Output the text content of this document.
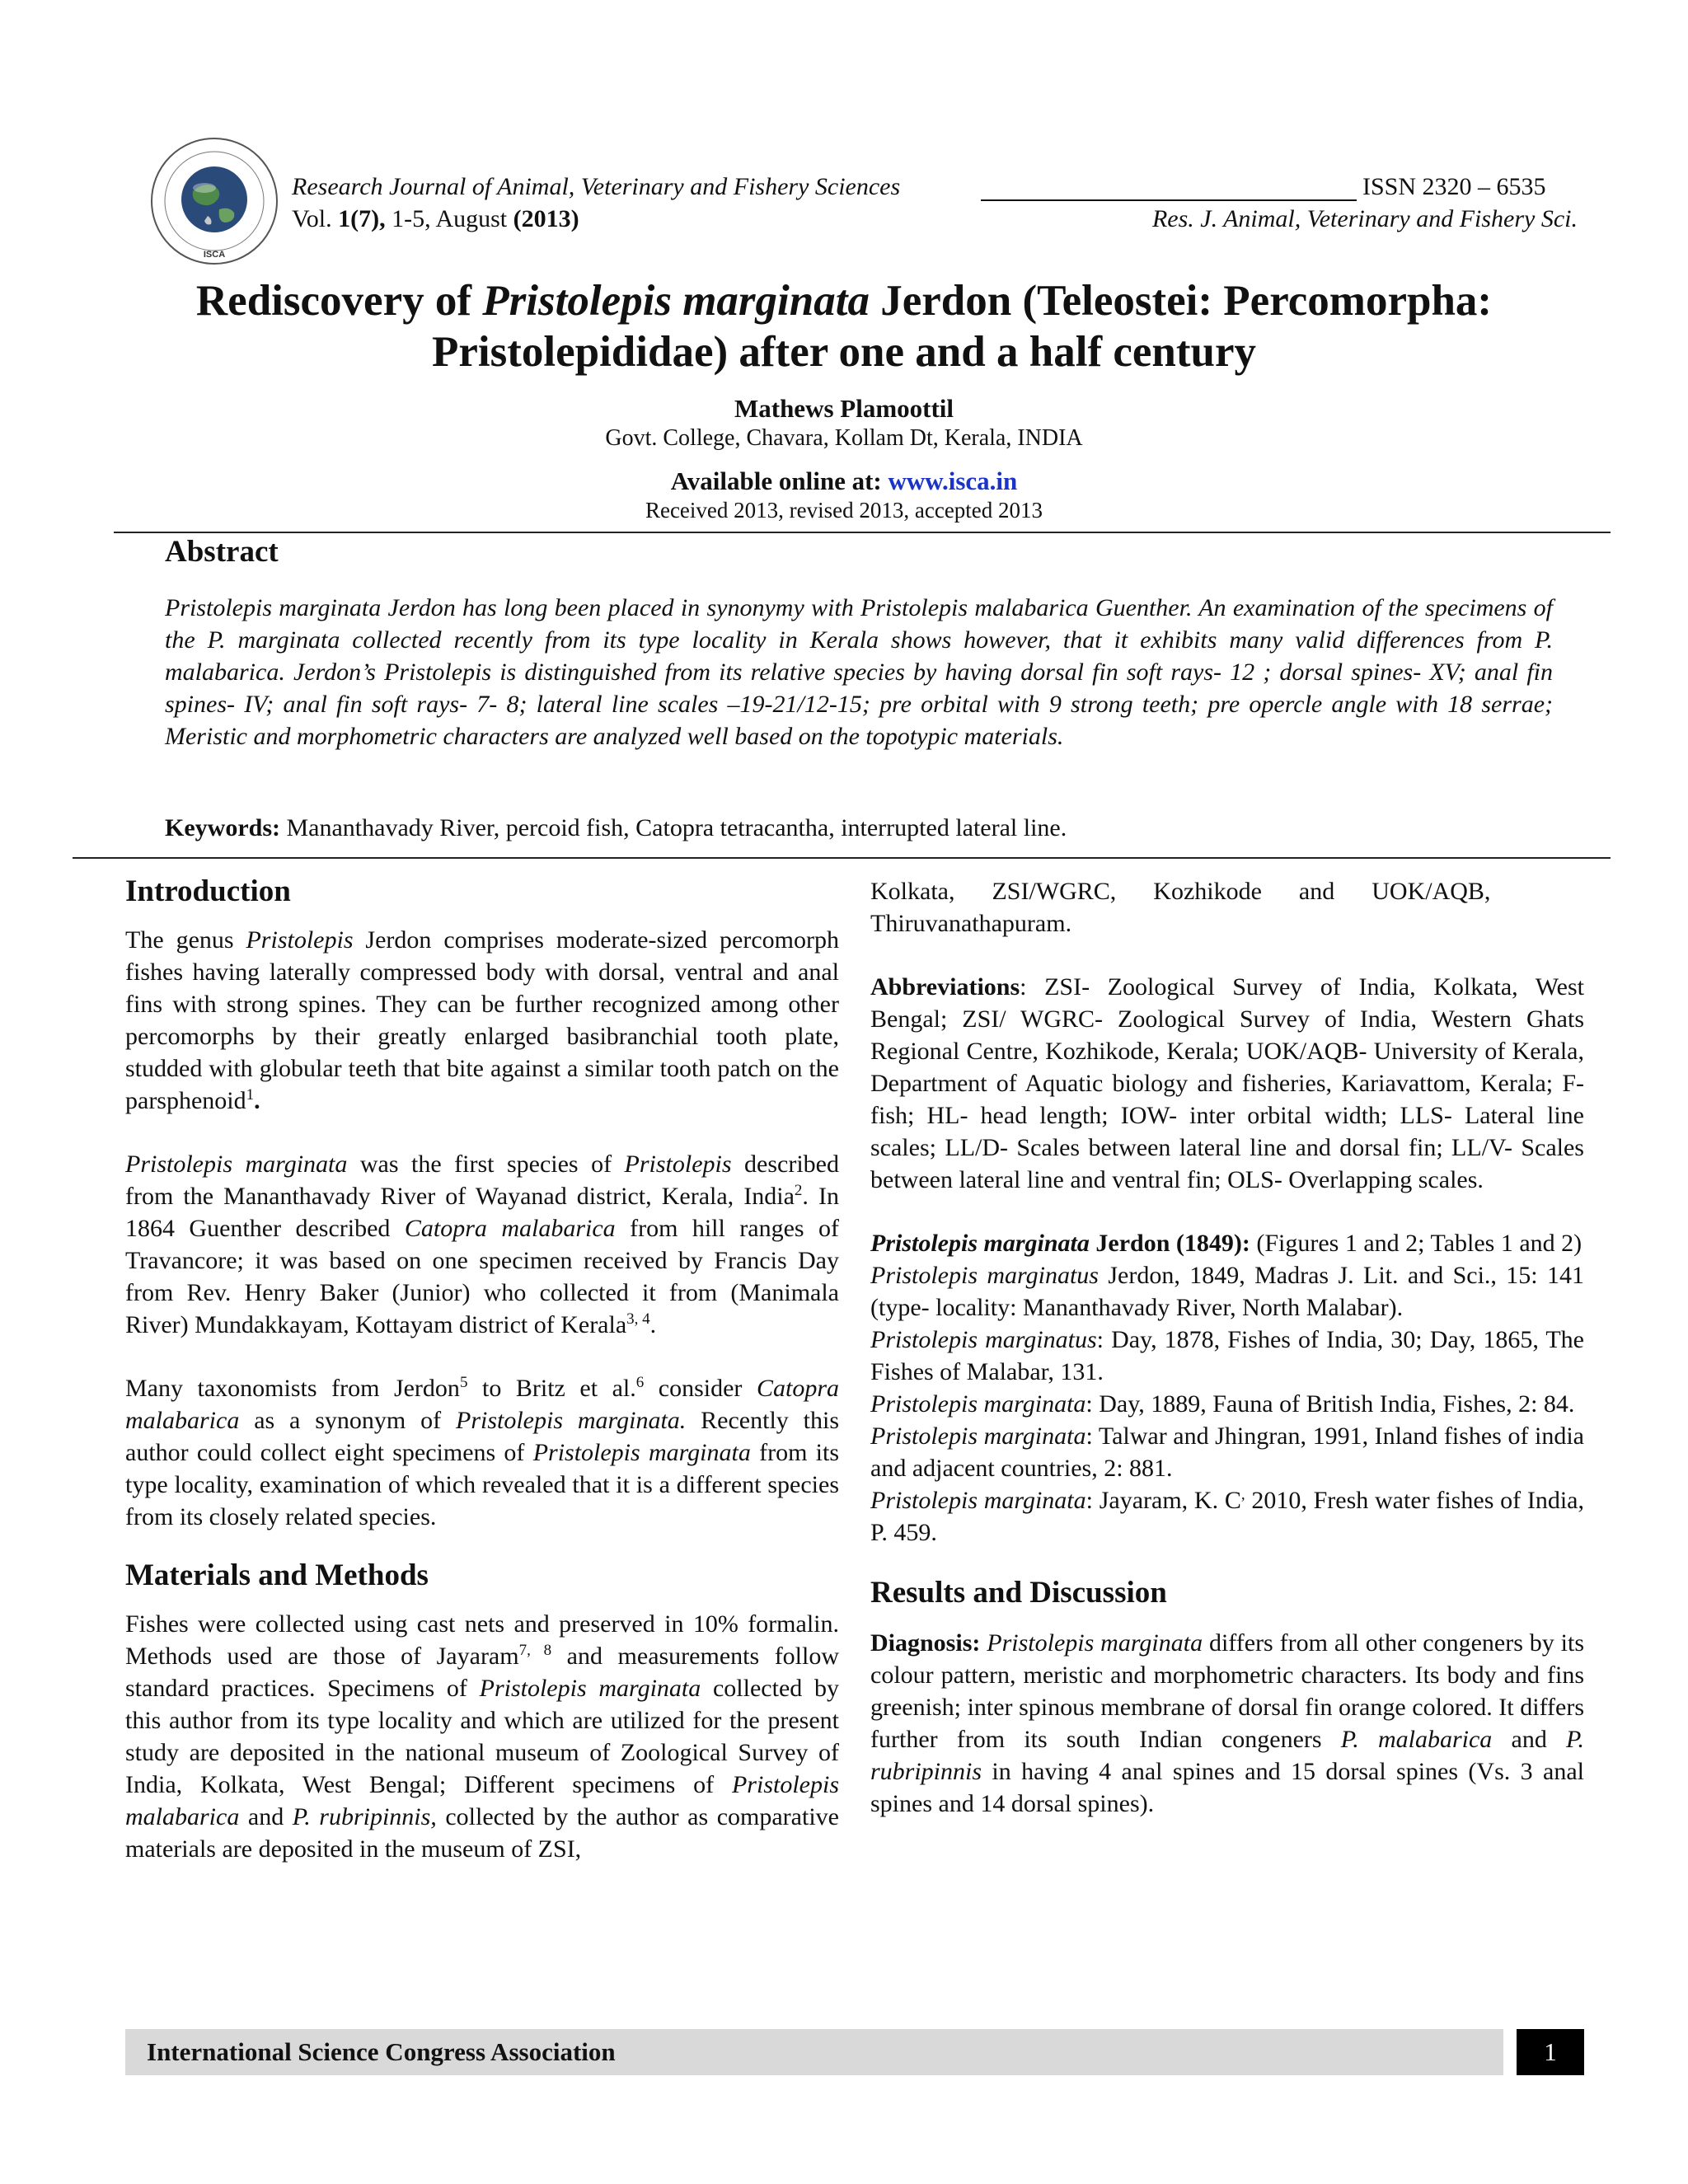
ISCA
Research Journal of Animal, Veterinary and Fishery Sciences	ISSN 2320 – 6535
Vol. 1(7), 1-5, August (2013)	Res. J. Animal, Veterinary and Fishery Sci.
Rediscovery of Pristolepis marginata Jerdon (Teleostei: Percomorpha:
Pristolepididae) after one and a half century
Mathews Plamoottil
Govt. College, Chavara, Kollam Dt, Kerala, INDIA
Available online at: www.isca.in
Received 2013, revised 2013, accepted 2013
Abstract

Pristolepis marginata Jerdon has long been placed in synonymy with Pristolepis malabarica Guenther. An examination of the specimens of the P. marginata collected recently from its type locality in Kerala shows however, that it exhibits many valid differences from P. malabarica. Jerdon’s Pristolepis is distinguished from its relative species by having dorsal fin soft rays- 12 ; dorsal spines- XV; anal fin spines- IV; anal fin soft rays- 7- 8; lateral line scales –19-21/12-15; pre orbital with 9 strong teeth; pre opercle angle with 18 serrae; Meristic and morphometric characters are analyzed well based on the topotypic materials.

Keywords: Mananthavady River, percoid fish, Catopra tetracantha, interrupted lateral line.

Introduction

The genus Pristolepis Jerdon comprises moderate-sized percomorph fishes having laterally compressed body with dorsal, ventral and anal fins with strong spines. They can be further recognized among other percomorphs by their greatly enlarged basibranchial tooth plate, studded with globular teeth that bite against a similar tooth patch on the parsphenoid$^1$.

Pristolepis marginata was the first species of Pristolepis described from the Mananthavady River of Wayanad district, Kerala, India$^2$. In 1864 Guenther described Catopra malabarica from hill ranges of Travancore; it was based on one specimen received by Francis Day from Rev. Henry Baker (Junior) who collected it from (Manimala River) Mundakkayam, Kottayam district of Kerala$^{3, 4}$.

Many taxonomists from Jerdon$^5$ to Britz et al.$^6$ consider Catopra malabarica as a synonym of Pristolepis marginata. Recently this author could collect eight specimens of Pristolepis marginata from its type locality, examination of which revealed that it is a different species from its closely related species.

Materials and Methods

Fishes were collected using cast nets and preserved in 10% formalin. Methods used are those of Jayaram$^{7, 8}$ and measurements follow standard practices. Specimens of Pristolepis marginata collected by this author from its type locality and which are utilized for the present study are deposited in the national museum of Zoological Survey of India, Kolkata, West Bengal; Different specimens of Pristolepis malabarica and P. rubripinnis, collected by the author as comparative materials are deposited in the museum of ZSI,

Kolkata,      ZSI/WGRC,      Kozhikode      and      UOK/AQB,

Thiruvanathapuram.

Abbreviations: ZSI- Zoological Survey of India, Kolkata, West Bengal; ZSI/ WGRC- Zoological Survey of India, Western Ghats Regional Centre, Kozhikode, Kerala; UOK/AQB- University of Kerala, Department of Aquatic biology and fisheries, Kariavattom, Kerala; F- fish; HL- head length; IOW- inter orbital width; LLS- Lateral line scales; LL/D- Scales between lateral line and dorsal fin; LL/V- Scales between lateral line and ventral fin; OLS- Overlapping scales.

Pristolepis marginata Jerdon (1849): (Figures 1 and 2; Tables 1 and 2)

Pristolepis marginatus Jerdon, 1849, Madras J. Lit. and Sci., 15: 141 (type- locality: Mananthavady River, North Malabar).

Pristolepis marginatus: Day, 1878, Fishes of India, 30; Day, 1865, The Fishes of Malabar, 131.

Pristolepis marginata: Day, 1889, Fauna of British India, Fishes, 2: 84.

Pristolepis marginata: Talwar and Jhingran, 1991, Inland fishes of india and adjacent countries, 2: 881.

Pristolepis marginata: Jayaram, K. C, 2010, Fresh water fishes of India, P. 459.

Results and Discussion

Diagnosis: Pristolepis marginata differs from all other congeners by its colour pattern, meristic and morphometric characters. Its body and fins greenish; inter spinous membrane of dorsal fin orange colored. It differs further from its south Indian congeners P. malabarica and P. rubripinnis in having 4 anal spines and 15 dorsal spines (Vs. 3 anal spines and 14 dorsal spines).

International Science Congress Association	1
